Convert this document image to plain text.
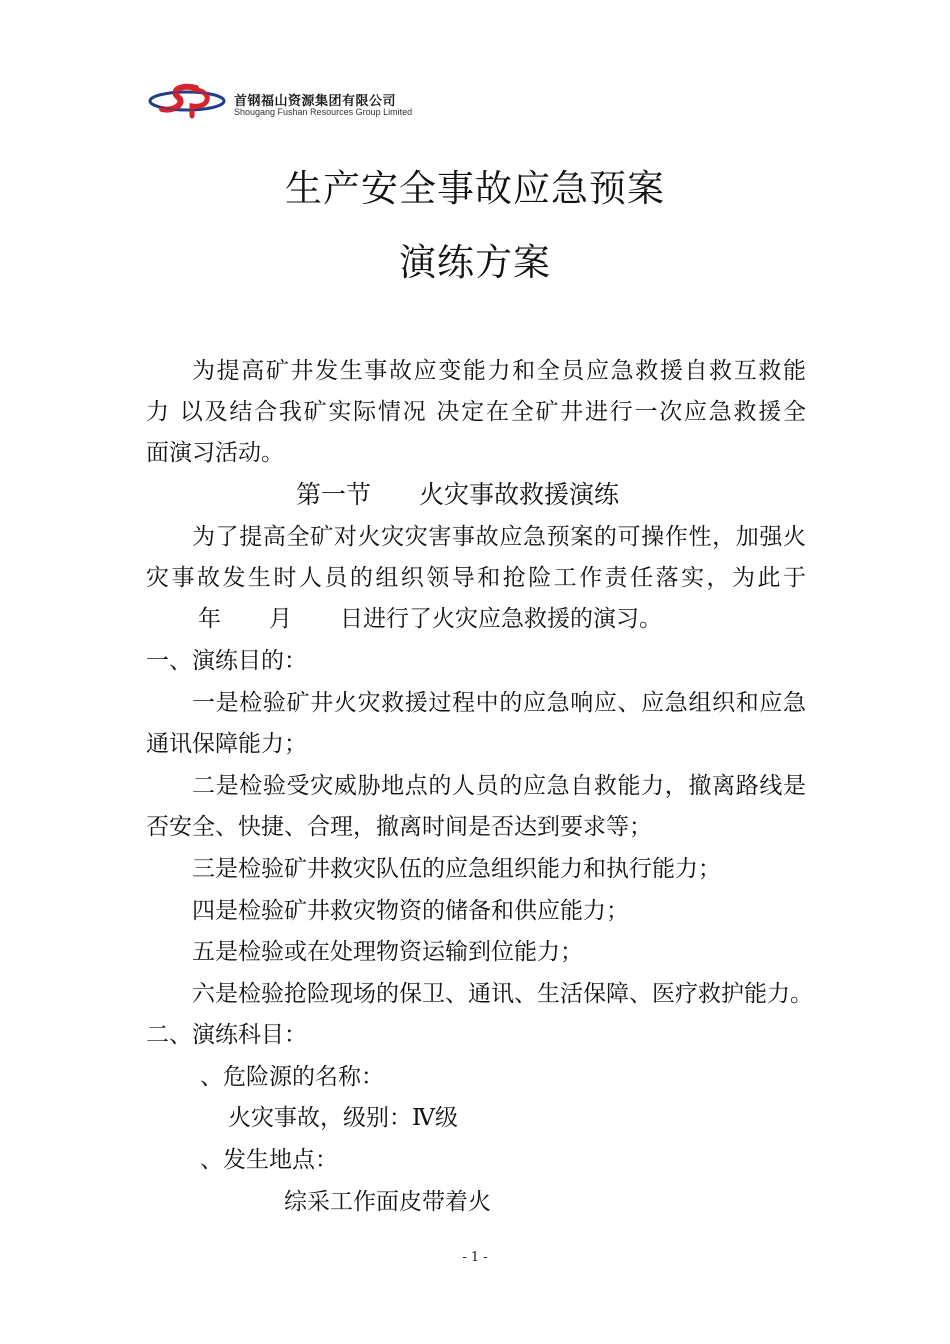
首钢福山资源集团有限公司
Shougang Fushan Resources Group Limited
生产安全事故应急预案
演练方案
为提高矿井发生事故应变能力和全员应急救援自救互救能
力 以及结合我矿实际情况 决定在全矿井进行一次应急救援全
面演习活动。
第一节 火灾事故救援演练
为了提高全矿对火灾灾害事故应急预案的可操作性，加强火
灾事故发生时人员的组织领导和抢险工作责任落实，为此于
年 月 日进行了火灾应急救援的演习。
一、演练目的：
一是检验矿井火灾救援过程中的应急响应、应急组织和应急
通讯保障能力；
二是检验受灾威胁地点的人员的应急自救能力，撤离路线是
否安全、快捷、合理，撤离时间是否达到要求等；
三是检验矿井救灾队伍的应急组织能力和执行能力；
四是检验矿井救灾物资的储备和供应能力；
五是检验或在处理物资运输到位能力；
六是检验抢险现场的保卫、通讯、生活保障、医疗救护能力。
二、演练科目：
、危险源的名称：
火灾事故，级别：Ⅳ级
、发生地点：
综采工作面皮带着火
- 1 -
